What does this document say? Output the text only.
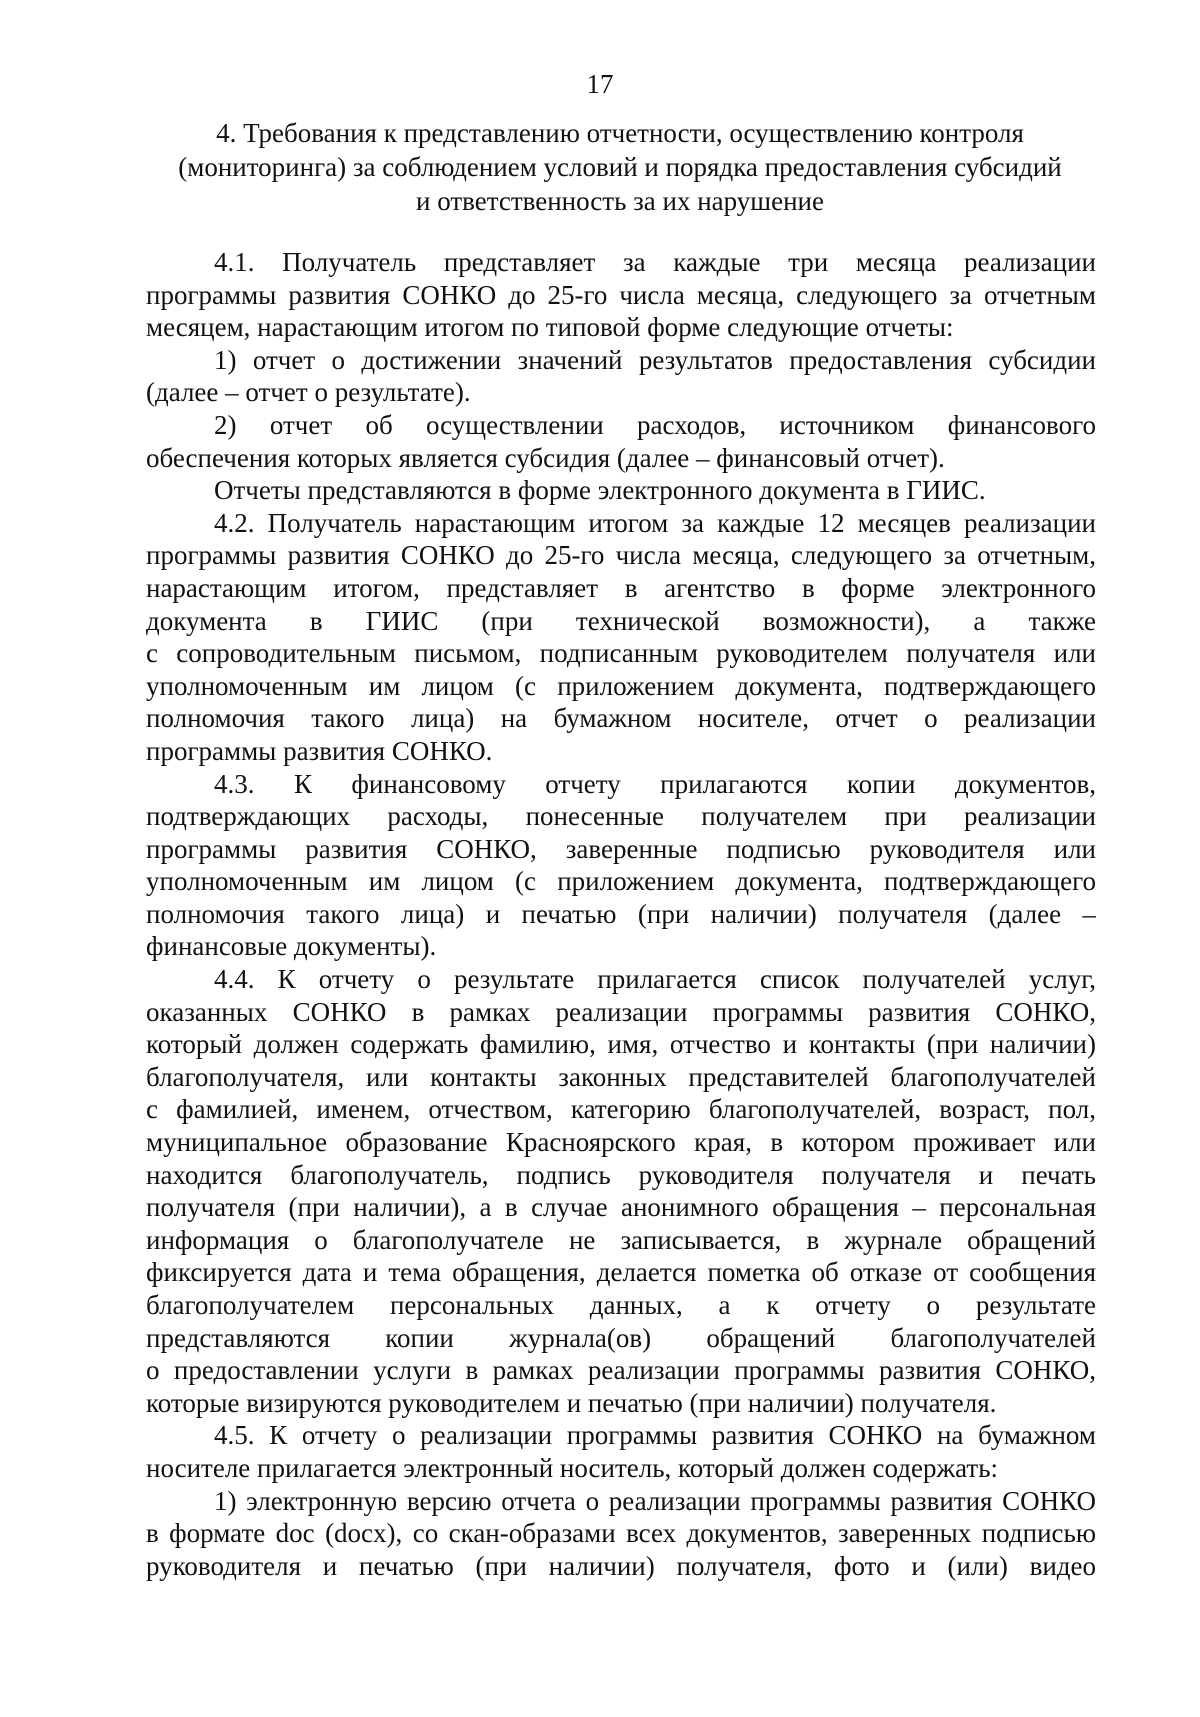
17
4. Требования к представлению отчетности, осуществлению контроля
(мониторинга) за соблюдением условий и порядка предоставления субсидий
и ответственность за их нарушение
4.1. Получатель представляет за каждые три месяца реализации
программы развития СОНКО до 25-го числа месяца, следующего за отчетным
месяцем, нарастающим итогом по типовой форме следующие отчеты:
1) отчет о достижении значений результатов предоставления субсидии
(далее – отчет о результате).
2) отчет об осуществлении расходов, источником финансового
обеспечения которых является субсидия (далее – финансовый отчет).
Отчеты представляются в форме электронного документа в ГИИС.
4.2. Получатель нарастающим итогом за каждые 12 месяцев реализации
программы развития СОНКО до 25-го числа месяца, следующего за отчетным,
нарастающим итогом, представляет в агентство в форме электронного
документа в ГИИС (при технической возможности), а также
с сопроводительным письмом, подписанным руководителем получателя или
уполномоченным им лицом (с приложением документа, подтверждающего
полномочия такого лица) на бумажном носителе, отчет о реализации
программы развития СОНКО.
4.3. К финансовому отчету прилагаются копии документов,
подтверждающих расходы, понесенные получателем при реализации
программы развития СОНКО, заверенные подписью руководителя или
уполномоченным им лицом (с приложением документа, подтверждающего
полномочия такого лица) и печатью (при наличии) получателя (далее –
финансовые документы).
4.4. К отчету о результате прилагается список получателей услуг,
оказанных СОНКО в рамках реализации программы развития СОНКО,
который должен содержать фамилию, имя, отчество и контакты (при наличии)
благополучателя, или контакты законных представителей благополучателей
с фамилией, именем, отчеством, категорию благополучателей, возраст, пол,
муниципальное образование Красноярского края, в котором проживает или
находится благополучатель, подпись руководителя получателя и печать
получателя (при наличии), а в случае анонимного обращения – персональная
информация о благополучателе не записывается, в журнале обращений
фиксируется дата и тема обращения, делается пометка об отказе от сообщения
благополучателем персональных данных, а к отчету о результате
представляются копии журнала(ов) обращений благополучателей
о предоставлении услуги в рамках реализации программы развития СОНКО,
которые визируются руководителем и печатью (при наличии) получателя.
4.5. К отчету о реализации программы развития СОНКО на бумажном
носителе прилагается электронный носитель, который должен содержать:
1) электронную версию отчета о реализации программы развития СОНКО
в формате doc (docx), со скан-образами всех документов, заверенных подписью
руководителя и печатью (при наличии) получателя, фото и (или) видео
